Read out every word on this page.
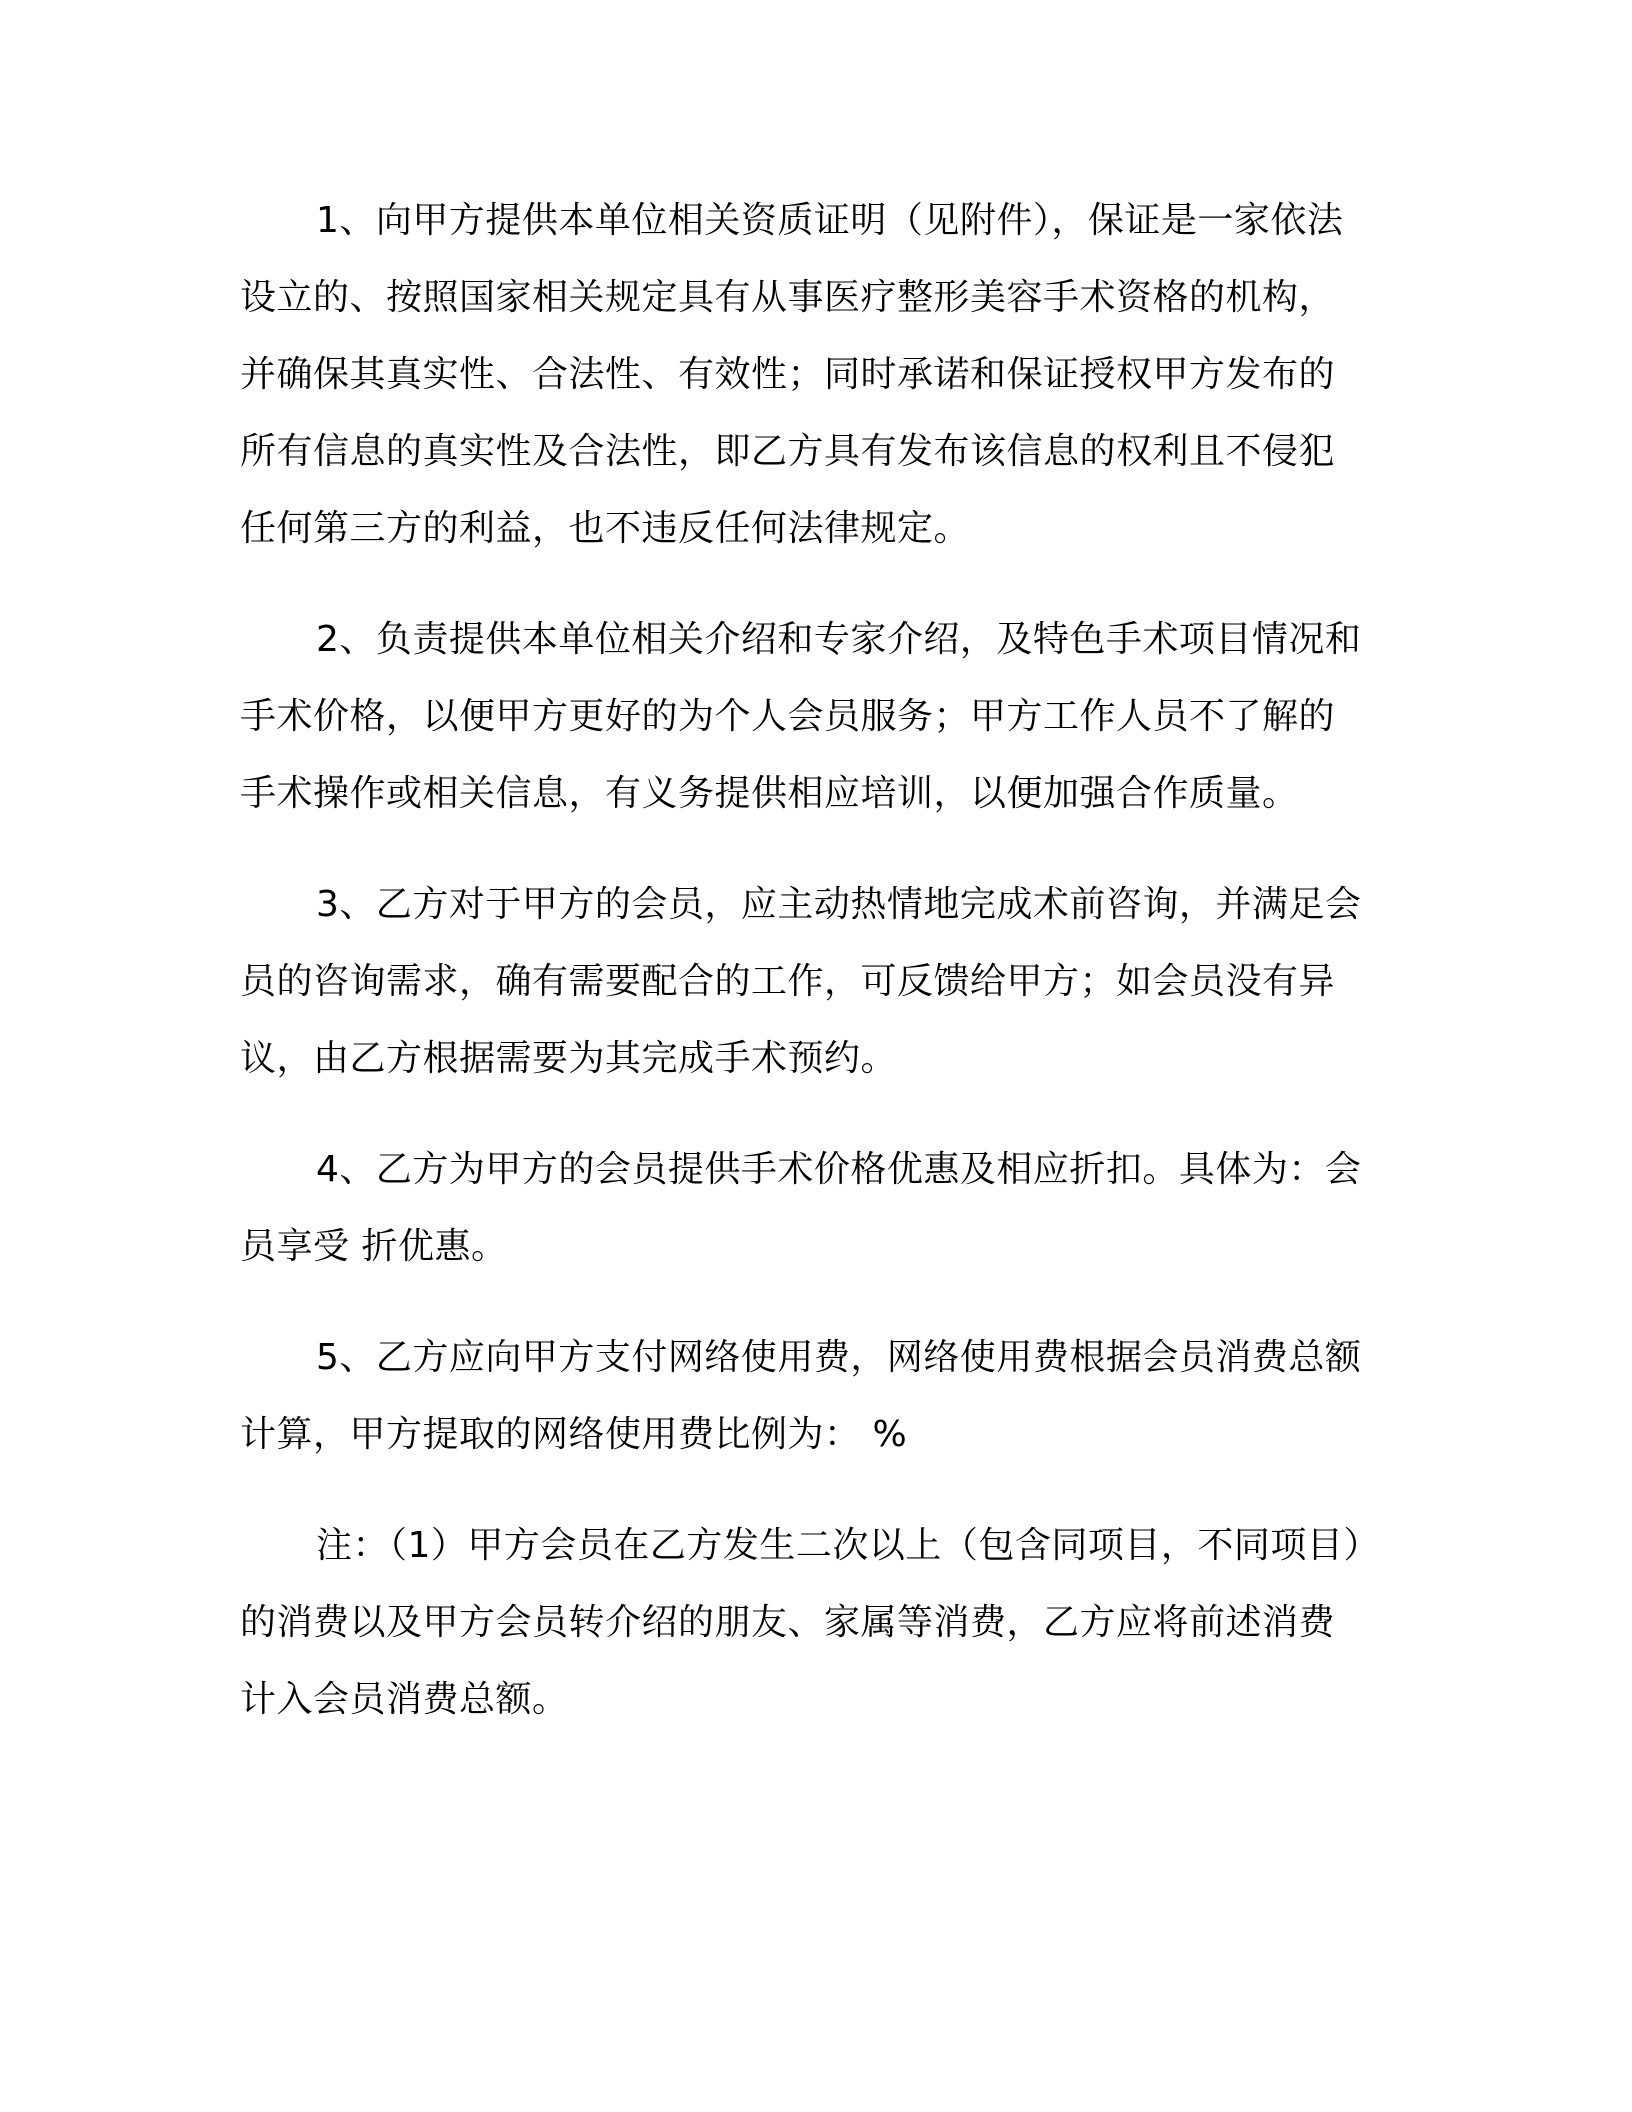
1、向甲方提供本单位相关资质证明（见附件），保证是一家依法
设立的、按照国家相关规定具有从事医疗整形美容手术资格的机构，
并确保其真实性、合法性、有效性；同时承诺和保证授权甲方发布的
所有信息的真实性及合法性，即乙方具有发布该信息的权利且不侵犯
任何第三方的利益，也不违反任何法律规定。

2、负责提供本单位相关介绍和专家介绍，及特色手术项目情况和
手术价格，以便甲方更好的为个人会员服务；甲方工作人员不了解的
手术操作或相关信息，有义务提供相应培训，以便加强合作质量。

3、乙方对于甲方的会员，应主动热情地完成术前咨询，并满足会
员的咨询需求，确有需要配合的工作，可反馈给甲方；如会员没有异
议，由乙方根据需要为其完成手术预约。

4、乙方为甲方的会员提供手术价格优惠及相应折扣。具体为：会
员享受 折优惠。

5、乙方应向甲方支付网络使用费，网络使用费根据会员消费总额
计算，甲方提取的网络使用费比例为： %

注：（1）甲方会员在乙方发生二次以上（包含同项目，不同项目）
的消费以及甲方会员转介绍的朋友、家属等消费，乙方应将前述消费
计入会员消费总额。
